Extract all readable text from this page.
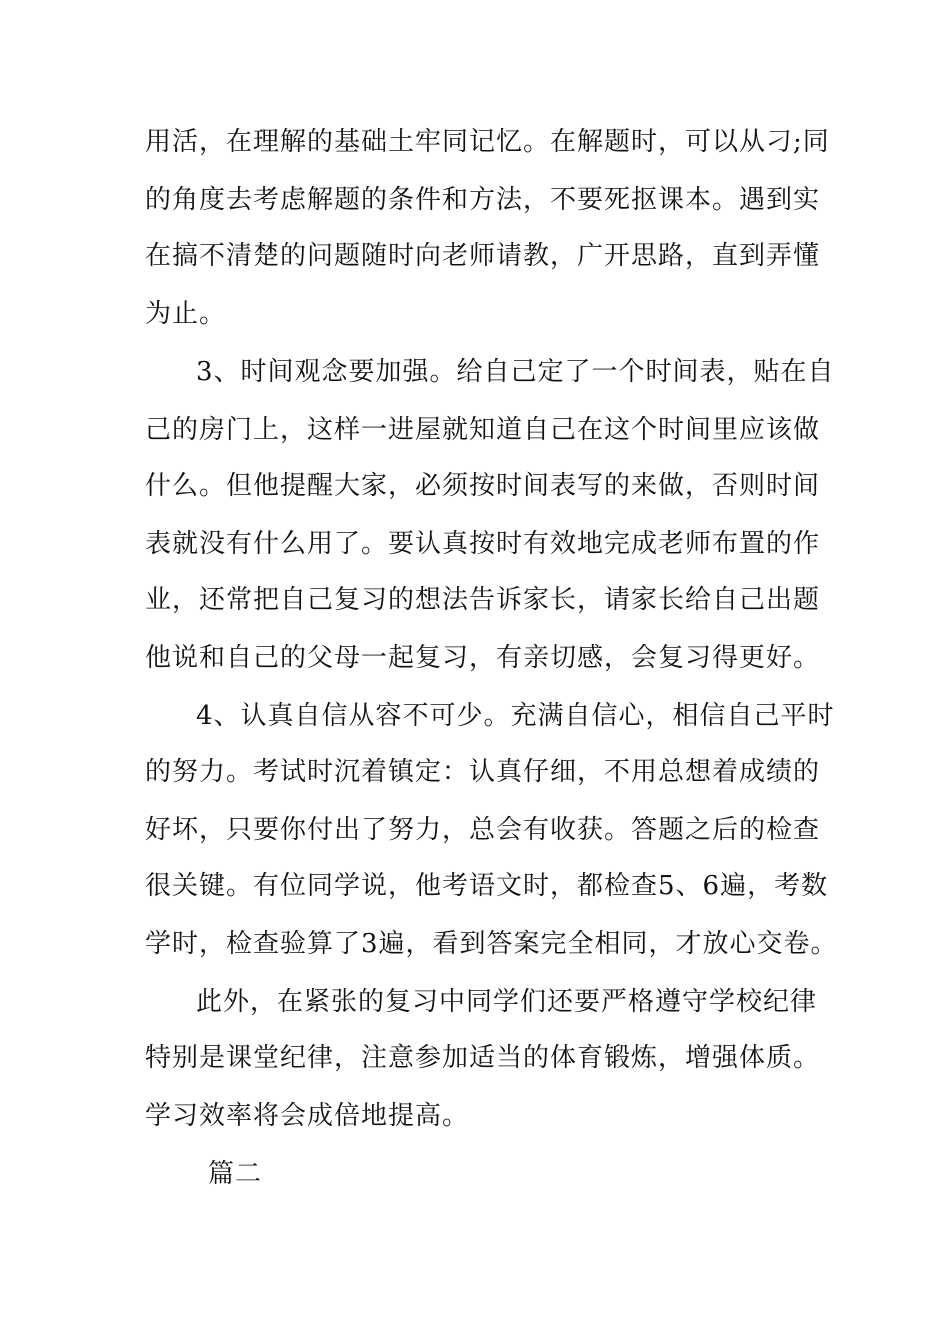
用活，在理解的基础土牢同记忆。在解题时，可以从刁;同
的角度去考虑解题的条件和方法，不要死抠课本。遇到实
在搞不清楚的问题随时向老师请教，广开思路，直到弄懂
为止。
3、时间观念要加强。给自己定了一个时间表，贴在自
己的房门上，这样一进屋就知道自己在这个时间里应该做
什么。但他提醒大家，必须按时间表写的来做，否则时间
表就没有什么用了。要认真按时有效地完成老师布置的作
业，还常把自己复习的想法告诉家长，请家长给自己出题
他说和自己的父母一起复习，有亲切感，会复习得更好。
4、认真自信从容不可少。充满自信心，相信自己平时
的努力。考试时沉着镇定：认真仔细，不用总想着成绩的
好坏，只要你付出了努力，总会有收获。答题之后的检查
很关键。有位同学说，他考语文时，都检查5、6遍，考数
学时，检查验算了3遍，看到答案完全相同，才放心交卷。
此外，在紧张的复习中同学们还要严格遵守学校纪律
特别是课堂纪律，注意参加适当的体育锻炼，增强体质。
学习效率将会成倍地提高。
篇二
